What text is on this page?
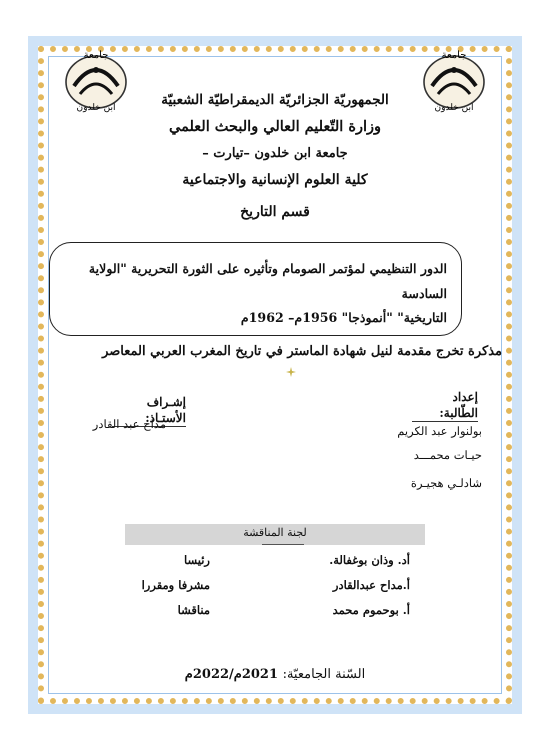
جامعة
ابن خلدون
جامعة
ابن خلدون
الجمهوريّة الجزائريّة الديمقراطيّة الشعبيّة
وزارة التّعليم العالي والبحث العلمي
جامعة ابن خلدون –تيارت –
كلية العلوم الإنسانية والاجتماعية
قسم التاريخ
الدور التنظيمي لمؤتمر الصومام وتأثيره على الثورة التحريرية "الولاية السادسة
التاريخية" "أنموذجا" 1956م– 1962م
مذكرة تخرج مقدمة لنيل شهادة الماستر في تاريخ المغرب العربي المعاصر
إعداد الطّالبة:
إشـراف الأستـاذ:
بولنوار عبد الكريم
حيـات محمـــد
شادلـي هجيـرة
مداح عبد القادر
لجنة المناقشة
أد. وذان بوغفالة.
رئيسا
أ.مداح عبدالقادر
مشرفا ومقررا
أ. بوحموم محمد
مناقشا
السّنة الجامعيّة: 2021م/2022م
